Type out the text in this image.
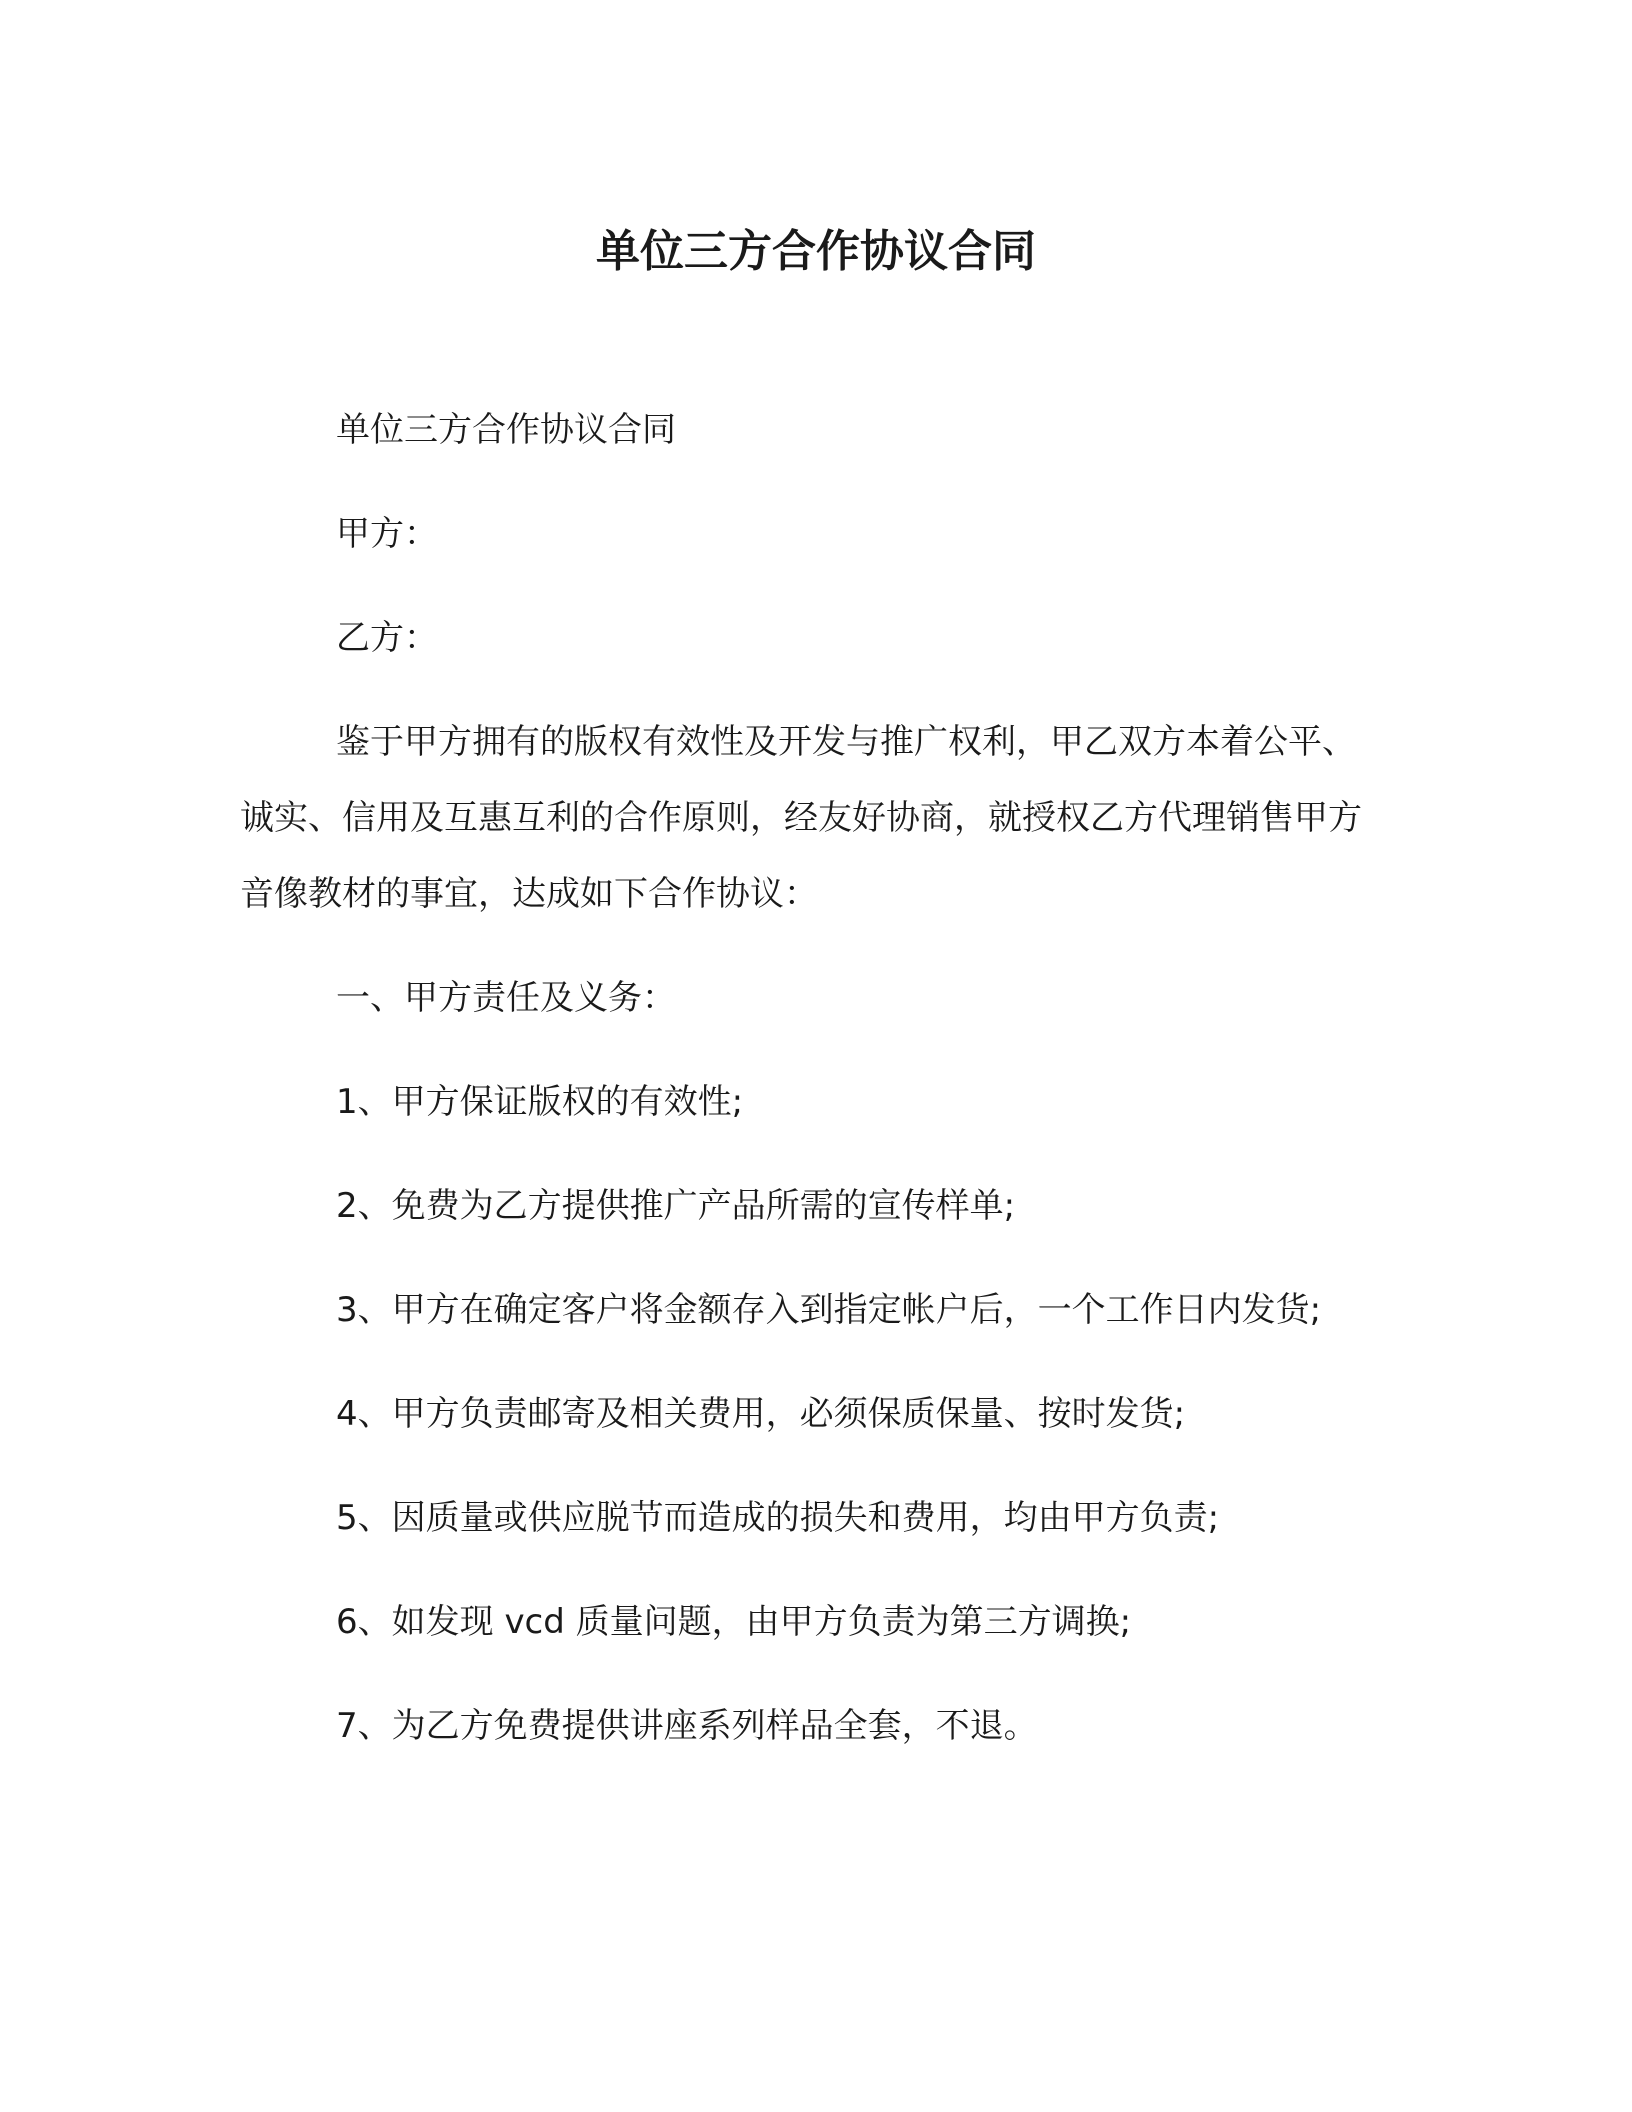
单位三方合作协议合同

单位三方合作协议合同

甲方：

乙方：

鉴于甲方拥有的版权有效性及开发与推广权利，甲乙双方本着公平、诚实、信用及互惠互利的合作原则，经友好协商，就授权乙方代理销售甲方音像教材的事宜，达成如下合作协议：

一、甲方责任及义务：

1、甲方保证版权的有效性;

2、免费为乙方提供推广产品所需的宣传样单;

3、甲方在确定客户将金额存入到指定帐户后，一个工作日内发货;

4、甲方负责邮寄及相关费用，必须保质保量、按时发货;

5、因质量或供应脱节而造成的损失和费用，均由甲方负责;

6、如发现 vcd 质量问题，由甲方负责为第三方调换;

7、为乙方免费提供讲座系列样品全套，不退。
